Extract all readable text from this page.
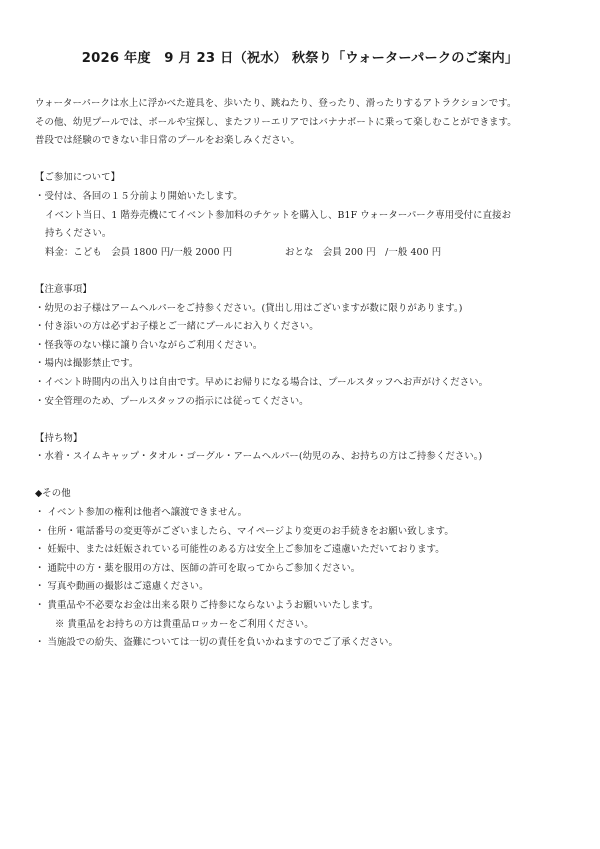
2026 年度　9 月 23 日（祝水） 秋祭り「ウォーターパークのご案内」
ウォーターパークは水上に浮かべた遊具を、歩いたり、跳ねたり、登ったり、滑ったりするアトラクションです。
その他、幼児プールでは、ボールや宝探し、またフリーエリアではバナナボートに乗って楽しむことができます。
普段では経験のできない非日常のプールをお楽しみください。
【ご参加について】
・受付は、各回の１５分前より開始いたします。
イベント当日、1 階券売機にてイベント参加料のチケットを購入し、B1F ウォーターパーク専用受付に直接お
持ちください。
料金：こども　会員 1800 円/一般 2000 円	おとな　会員 200 円　/一般 400 円
【注意事項】
・幼児のお子様はアームヘルパーをご持参ください。(貸出し用はございますが数に限りがあります。)
・付き添いの方は必ずお子様とご一緒にプールにお入りください。
・怪我等のない様に譲り合いながらご利用ください。
・場内は撮影禁止です。
・イベント時間内の出入りは自由です。早めにお帰りになる場合は、プールスタッフへお声がけください。
・安全管理のため、プールスタッフの指示には従ってください。
【持ち物】
・水着・スイムキャップ・タオル・ゴーグル・アームヘルパー(幼児のみ、お持ちの方はご持参ください。)
◆その他
・ イベント参加の権利は他者へ譲渡できません。
・ 住所・電話番号の変更等がございましたら、マイページより変更のお手続きをお願い致します。
・ 妊娠中、または妊娠されている可能性のある方は安全上ご参加をご遠慮いただいております。
・ 通院中の方・薬を服用の方は、医師の許可を取ってからご参加ください。
・ 写真や動画の撮影はご遠慮ください。
・ 貴重品や不必要なお金は出来る限りご持参にならないようお願いいたします。
※ 貴重品をお持ちの方は貴重品ロッカーをご利用ください。
・ 当施設での紛失、盗難については一切の責任を負いかねますのでご了承ください。
